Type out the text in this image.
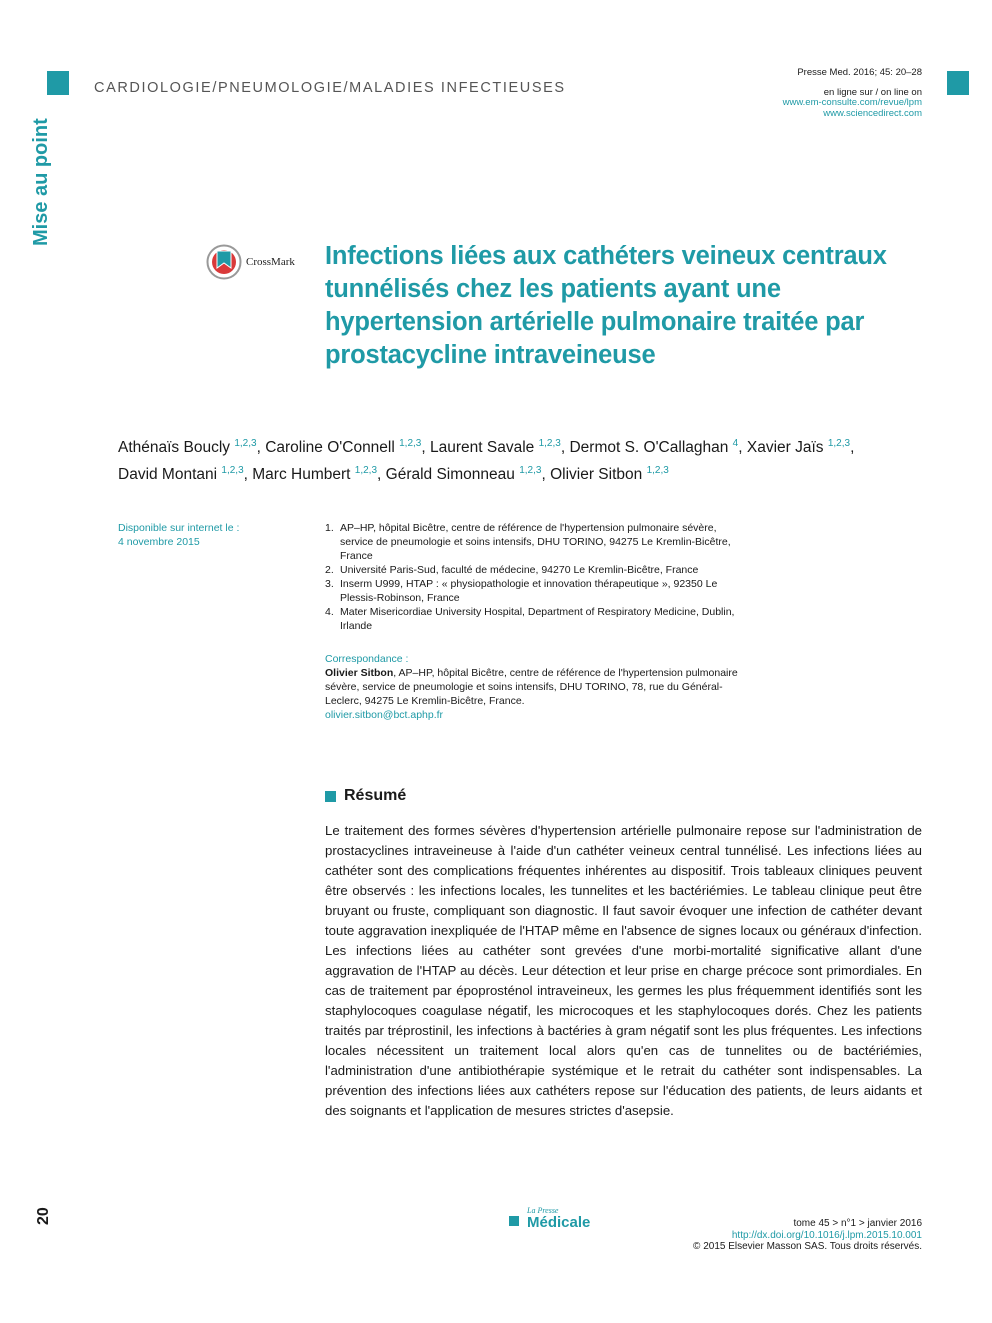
CARDIOLOGIE/PNEUMOLOGIE/MALADIES INFECTIEUSES
Mise au point
Presse Med. 2016; 45: 20–28
en ligne sur / on line on
www.em-consulte.com/revue/lpm
www.sciencedirect.com
CrossMark Infections liées aux cathéters veineux centraux tunnélisés chez les patients ayant une hypertension artérielle pulmonaire traitée par prostacycline intraveineuse
Athénaïs Boucly $^{1,2,3}$, Caroline O'Connell $^{1,2,3}$, Laurent Savale $^{1,2,3}$, Dermot S. O'Callaghan $^4$, Xavier Jaïs $^{1,2,3}$,
David Montani $^{1,2,3}$, Marc Humbert $^{1,2,3}$, Gérald Simonneau $^{1,2,3}$, Olivier Sitbon $^{1,2,3}$
Disponible sur internet le :
4 novembre 2015
1. AP–HP, hôpital Bicêtre, centre de référence de l'hypertension pulmonaire sévère, service de pneumologie et soins intensifs, DHU TORINO, 94275 Le Kremlin-Bicêtre, France
2. Université Paris-Sud, faculté de médecine, 94270 Le Kremlin-Bicêtre, France
3. Inserm U999, HTAP : « physiopathologie et innovation thérapeutique », 92350 Le Plessis-Robinson, France
4. Mater Misericordiae University Hospital, Department of Respiratory Medicine, Dublin, Irlande
Correspondance :
Olivier Sitbon, AP–HP, hôpital Bicêtre, centre de référence de l'hypertension pulmonaire sévère, service de pneumologie et soins intensifs, DHU TORINO, 78, rue du Général-Leclerc, 94275 Le Kremlin-Bicêtre, France.
olivier.sitbon@bct.aphp.fr
Résumé
Le traitement des formes sévères d'hypertension artérielle pulmonaire repose sur l'administration de prostacyclines intraveineuse à l'aide d'un cathéter veineux central tunnélisé. Les infections liées au cathéter sont des complications fréquentes inhérentes au dispositif. Trois tableaux cliniques peuvent être observés : les infections locales, les tunnelites et les bactériémies. Le tableau clinique peut être bruyant ou fruste, compliquant son diagnostic. Il faut savoir évoquer une infection de cathéter devant toute aggravation inexpliquée de l'HTAP même en l'absence de signes locaux ou généraux d'infection. Les infections liées au cathéter sont grevées d'une morbi-mortalité significative allant d'une aggravation de l'HTAP au décès. Leur détection et leur prise en charge précoce sont primordiales. En cas de traitement par époprosténol intraveineux, les germes les plus fréquemment identifiés sont les staphylocoques coagulase négatif, les microcoques et les staphylocoques dorés. Chez les patients traités par tréprostinil, les infections à bactéries à gram négatif sont les plus fréquentes. Les infections locales nécessitent un traitement local alors qu'en cas de tunnelites ou de bactériémies, l'administration d'une antibiothérapie systémique et le retrait du cathéter sont indispensables. La prévention des infections liées aux cathéters repose sur l'éducation des patients, de leurs aidants et des soignants et l'application de mesures strictes d'asepsie.
20	La Presse
Médicale	tome 45 > n°1 > janvier 2016
http://dx.doi.org/10.1016/j.lpm.2015.10.001
© 2015 Elsevier Masson SAS. Tous droits réservés.
